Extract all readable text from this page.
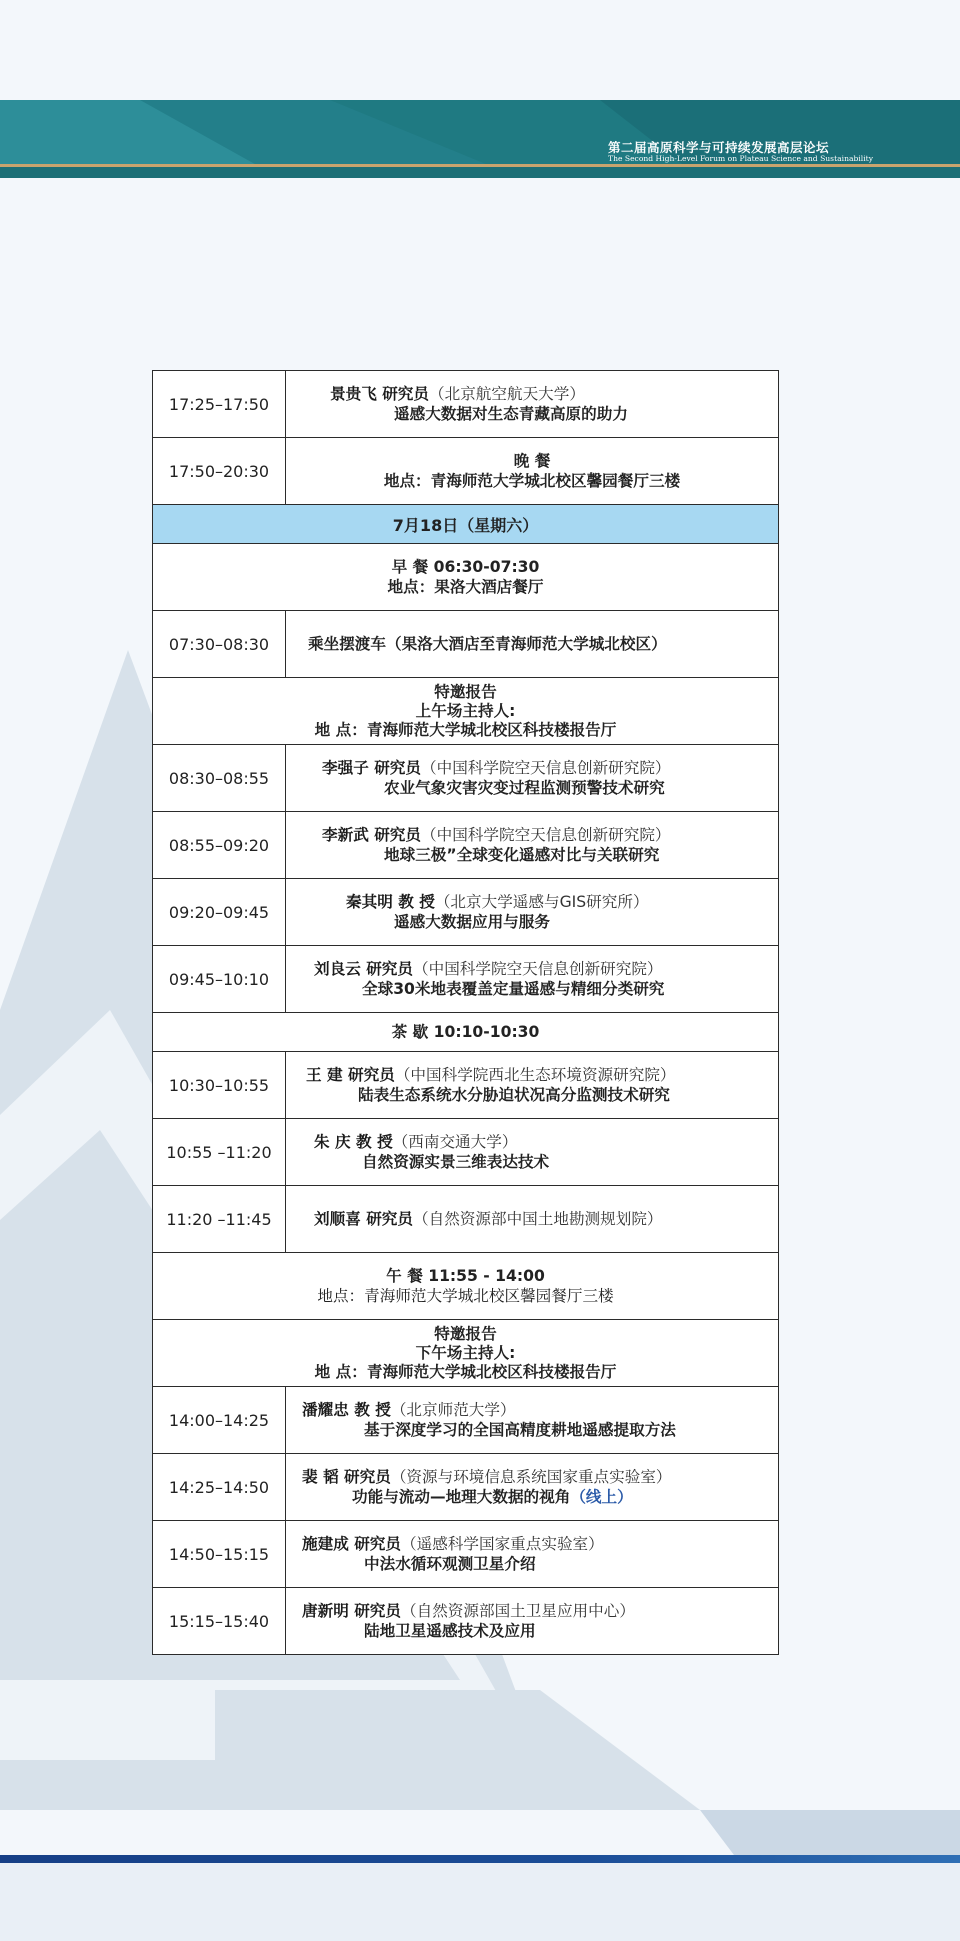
第二届高原科学与可持续发展高层论坛
The Second High-Level Forum on Plateau Science and Sustainability
17:25–17:50	景贵飞 研究员（北京航空航天大学）
遥感大数据对生态青藏高原的助力

17:50–20:30	晚 餐
地点：青海师范大学城北校区馨园餐厅三楼

7月18日（星期六）	

早 餐 06:30-07:30
地点：果洛大酒店餐厅	

07:30–08:30	乘坐摆渡车（果洛大酒店至青海师范大学城北校区）

特邀报告
上午场主持人:
地 点：青海师范大学城北校区科技楼报告厅	

08:30–08:55	李强子 研究员（中国科学院空天信息创新研究院）
农业气象灾害灾变过程监测预警技术研究

08:55–09:20	李新武 研究员（中国科学院空天信息创新研究院）
地球三极”全球变化遥感对比与关联研究

09:20–09:45	秦其明 教 授（北京大学遥感与GIS研究所）
遥感大数据应用与服务

09:45–10:10	刘良云 研究员（中国科学院空天信息创新研究院）
全球30米地表覆盖定量遥感与精细分类研究

茶 歇 10:10-10:30	
10:30–10:55	王 建 研究员（中国科学院西北生态环境资源研究院）
陆表生态系统水分胁迫状况高分监测技术研究

10:55 –11:20	朱 庆 教 授（西南交通大学）
自然资源实景三维表达技术

11:20 –11:45	刘顺喜 研究员（自然资源部中国土地勘测规划院）

午 餐 11:55 - 14:00
地点：青海师范大学城北校区馨园餐厅三楼	

特邀报告
下午场主持人:
地 点：青海师范大学城北校区科技楼报告厅	

14:00–14:25	潘耀忠 教 授（北京师范大学）
基于深度学习的全国高精度耕地遥感提取方法

14:25–14:50	裴 韬 研究员（资源与环境信息系统国家重点实验室）
功能与流动—地理大数据的视角（线上）

14:50–15:15	施建成 研究员（遥感科学国家重点实验室）
中法水循环观测卫星介绍

15:15–15:40	唐新明 研究员（自然资源部国土卫星应用中心）
陆地卫星遥感技术及应用
